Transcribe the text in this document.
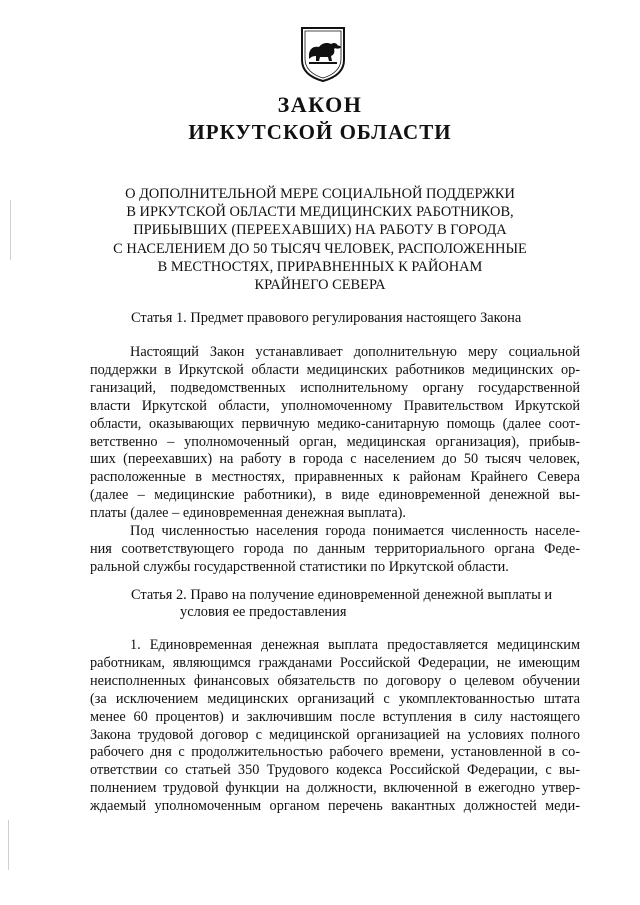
ЗАКОН
ИРКУТСКОЙ ОБЛАСТИ
О ДОПОЛНИТЕЛЬНОЙ МЕРЕ СОЦИАЛЬНОЙ ПОДДЕРЖКИ
В ИРКУТСКОЙ ОБЛАСТИ МЕДИЦИНСКИХ РАБОТНИКОВ,
ПРИБЫВШИХ (ПЕРЕЕХАВШИХ) НА РАБОТУ В ГОРОДА
С НАСЕЛЕНИЕМ ДО 50 ТЫСЯЧ ЧЕЛОВЕК, РАСПОЛОЖЕННЫЕ
В МЕСТНОСТЯХ, ПРИРАВНЕННЫХ К РАЙОНАМ
КРАЙНЕГО СЕВЕРА
Статья 1. Предмет правового регулирования настоящего Закона
Настоящий Закон устанавливает дополнительную меру социальной
поддержки в Иркутской области медицинских работников медицинских ор-
ганизаций, подведомственных исполнительному органу государственной
власти Иркутской области, уполномоченному Правительством Иркутской
области, оказывающих первичную медико-санитарную помощь (далее соот-
ветственно – уполномоченный орган, медицинская организация), прибыв-
ших (переехавших) на работу в города с населением до 50 тысяч человек,
расположенные в местностях, приравненных к районам Крайнего Севера
(далее – медицинские работники), в виде единовременной денежной вы-
платы (далее – единовременная денежная выплата).
Под численностью населения города понимается численность населе-
ния соответствующего города по данным территориального органа Феде-
ральной службы государственной статистики по Иркутской области.
Статья 2. Право на получение единовременной денежной выплаты и
условия ее предоставления
1. Единовременная денежная выплата предоставляется медицинским
работникам, являющимся гражданами Российской Федерации, не имеющим
неисполненных финансовых обязательств по договору о целевом обучении
(за исключением медицинских организаций с укомплектованностью штата
менее 60 процентов) и заключившим после вступления в силу настоящего
Закона трудовой договор с медицинской организацией на условиях полного
рабочего дня с продолжительностью рабочего времени, установленной в со-
ответствии со статьей 350 Трудового кодекса Российской Федерации, с вы-
полнением трудовой функции на должности, включенной в ежегодно утвер-
ждаемый уполномоченным органом перечень вакантных должностей меди-
